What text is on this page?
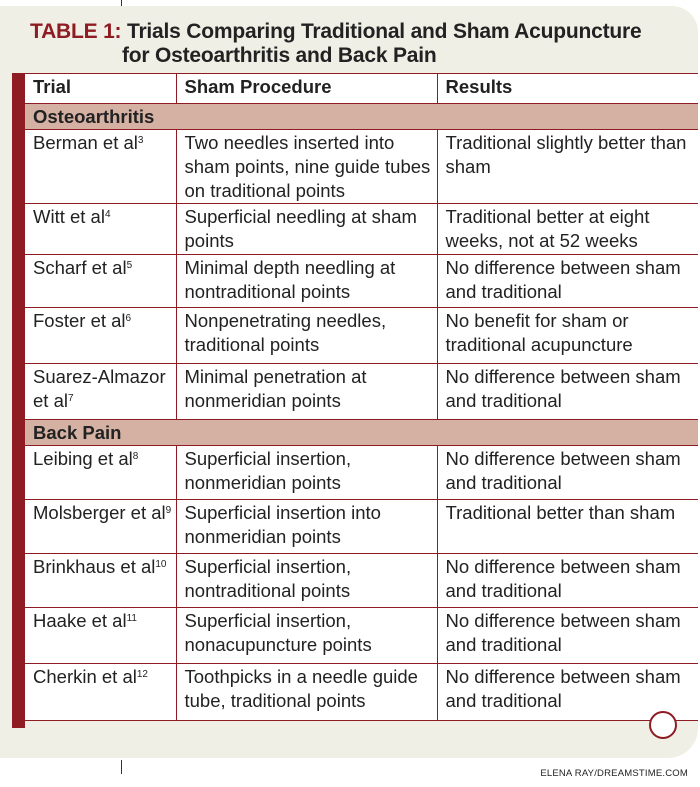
TABLE 1: Trials Comparing Traditional and Sham Acupuncture
for Osteoarthritis and Back Pain
Trial	Sham Procedure	Results
Osteoarthritis		
Berman et $al^3$	Two needles inserted into sham points, nine guide tubes on traditional points	Traditional slightly better than sham
Witt et $al^4$	Superficial needling at sham points	Traditional better at eight weeks, not at 52 weeks
Scharf et $al^5$	Minimal depth needling at nontraditional points	No difference between sham and traditional
Foster et $al^6$	Nonpenetrating needles, traditional points	No benefit for sham or traditional acupuncture
Suarez-Almazor et $al^7$	Minimal penetration at nonmeridian points	No difference between sham and traditional
Back Pain		
Leibing et $al^8$	Superficial insertion, nonmeridian points	No difference between sham and traditional
Molsberger et $al^9$	Superficial insertion into nonmeridian points	Traditional better than sham
Brinkhaus et $al^{10}$	Superficial insertion, nontraditional points	No difference between sham and traditional
Haake et $al^{11}$	Superficial insertion, nonacupuncture points	No difference between sham and traditional
Cherkin et $al^{12}$	Toothpicks in a needle guide tube, traditional points	No difference between sham and traditional
ELENA RAY/DREAMSTIME.COM
